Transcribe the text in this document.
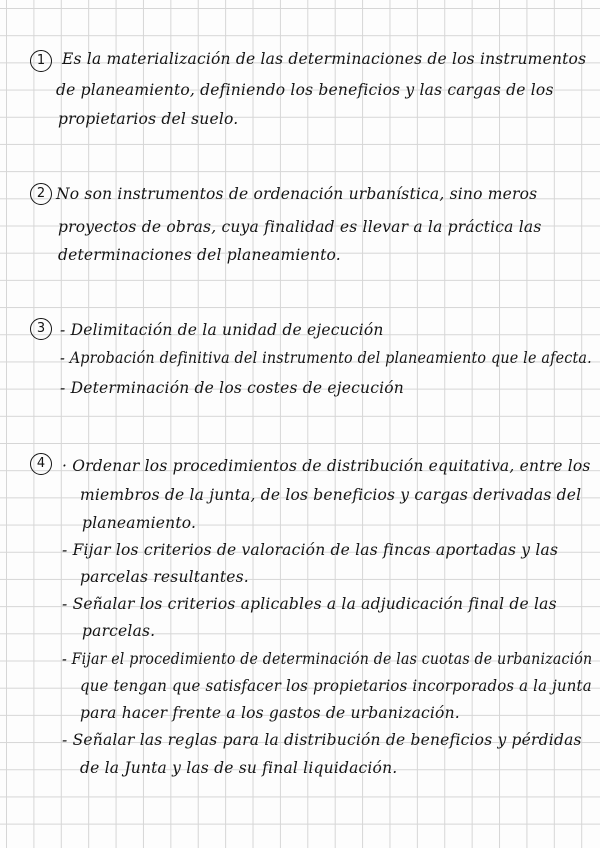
1	Es la materialización de las determinaciones de los instrumentos
de planeamiento, definiendo los beneficios y las cargas de los
propietarios del suelo.
2 No son instrumentos de ordenación urbanística, sino meros
proyectos de obras, cuya finalidad es llevar a la práctica las
determinaciones del planeamiento.
3 - Delimitación de la unidad de ejecución
- Aprobación definitiva del instrumento del planeamiento que le afecta.
- Determinación de los costes de ejecución
4	· Ordenar los procedimientos de distribución equitativa, entre los
miembros de la junta, de los beneficios y cargas derivadas del
planeamiento.
- Fijar los criterios de valoración de las fincas aportadas y las
parcelas resultantes.
- Señalar los criterios aplicables a la adjudicación final de las
parcelas.
- Fijar el procedimiento de determinación de las cuotas de urbanización
que tengan que satisfacer los propietarios incorporados a la junta
para hacer frente a los gastos de urbanización.
- Señalar las reglas para la distribución de beneficios y pérdidas
de la Junta y las de su final liquidación.
